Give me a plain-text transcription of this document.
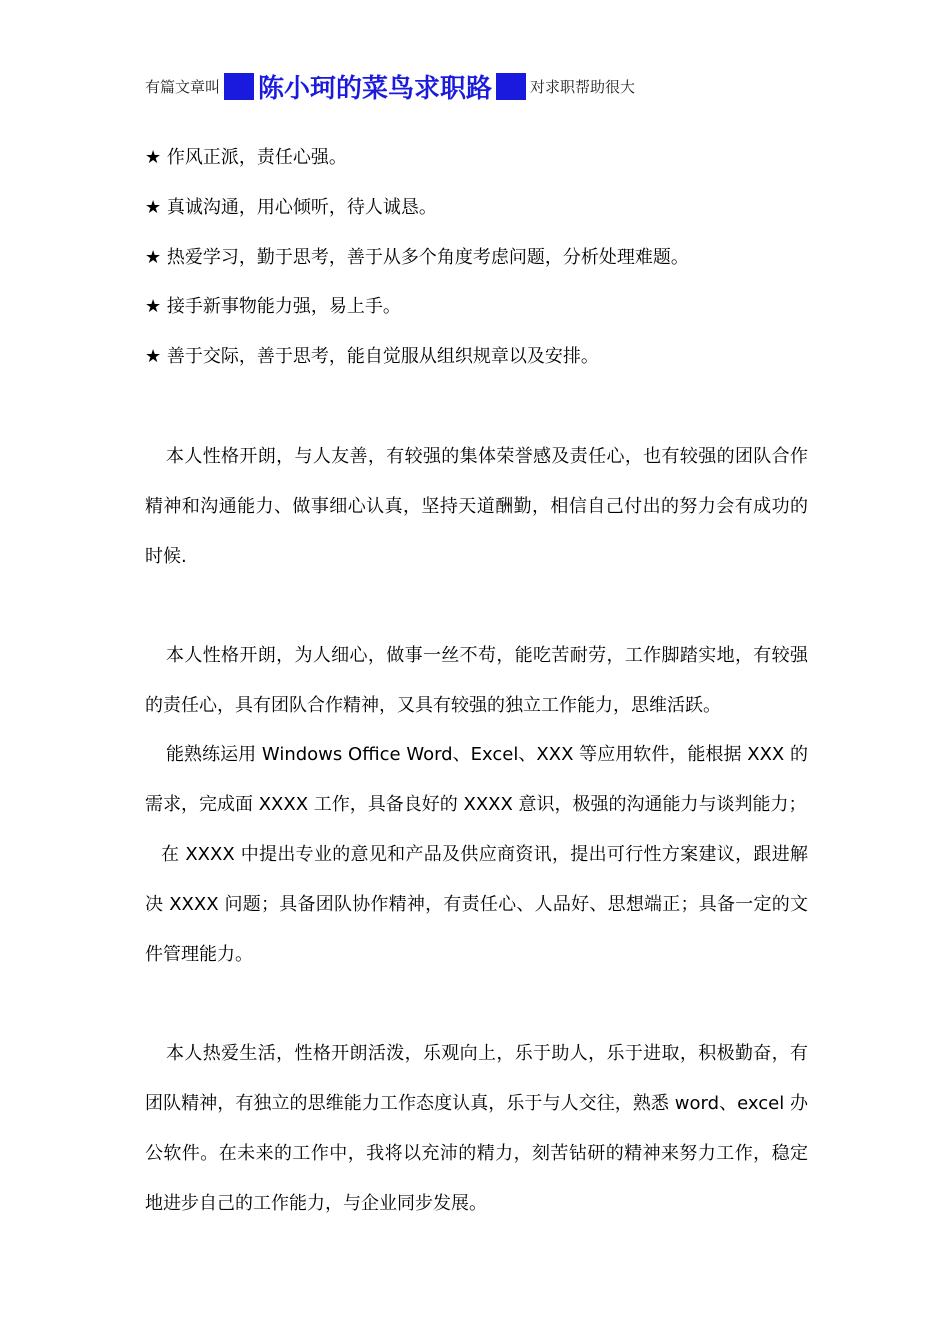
有篇文章叫 陈小珂的菜鸟求职路	对求职帮助很大
★ 作风正派，责任心强。
★ 真诚沟通，用心倾听，待人诚恳。
★ 热爱学习，勤于思考，善于从多个角度考虑问题，分析处理难题。
★ 接手新事物能力强，易上手。
★ 善于交际，善于思考，能自觉服从组织规章以及安排。

本人性格开朗，与人友善，有较强的集体荣誉感及责任心，也有较强的团队合作精神和沟通能力、做事细心认真，坚持天道酬勤，相信自己付出的努力会有成功的时候.

本人性格开朗，为人细心，做事一丝不苟，能吃苦耐劳，工作脚踏实地，有较强的责任心，具有团队合作精神，又具有较强的独立工作能力，思维活跃。

能熟练运用 Windows Office Word、Excel、XXX 等应用软件，能根据 XXX 的需求，完成面 XXXX 工作，具备良好的 XXXX 意识，极强的沟通能力与谈判能力；

在 XXXX 中提出专业的意见和产品及供应商资讯，提出可行性方案建议，跟进解决 XXXX 问题；具备团队协作精神，有责任心、人品好、思想端正；具备一定的文件管理能力。

本人热爱生活，性格开朗活泼，乐观向上，乐于助人，乐于进取，积极勤奋，有团队精神，有独立的思维能力工作态度认真，乐于与人交往，熟悉 word、excel 办公软件。在未来的工作中，我将以充沛的精力，刻苦钻研的精神来努力工作，稳定地进步自己的工作能力，与企业同步发展。
